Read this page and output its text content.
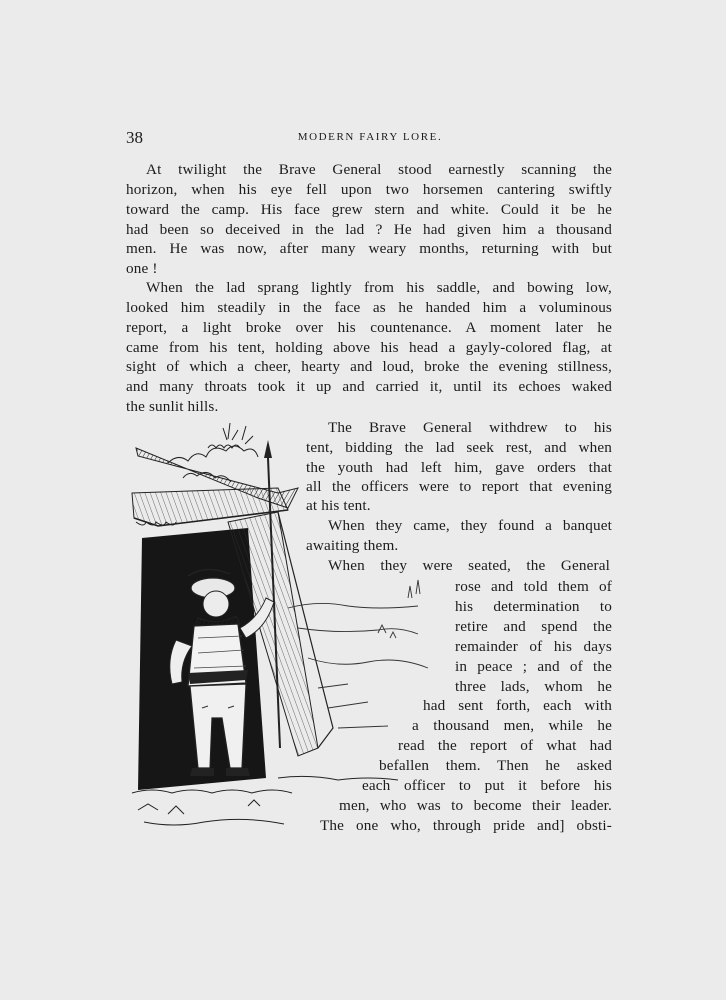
38	MODERN FAIRY LORE.
At twilight the Brave General stood earnestly scanning the
horizon, when his eye fell upon two horsemen cantering swiftly
toward the camp. His face grew stern and white. Could it be he
had been so deceived in the lad ? He had given him a thousand
men. He was now, after many weary months, returning with but
one !
When the lad sprang lightly from his saddle, and bowing low,
looked him steadily in the face as he handed him a voluminous
report, a light broke over his countenance. A moment later he
came from his tent, holding above his head a gayly-colored flag, at
sight of which a cheer, hearty and loud, broke the evening stillness,
and many throats took it up and carried it, until its echoes waked
the sunlit hills.
The Brave General withdrew to his
tent, bidding the lad seek rest, and when
the youth had left him, gave orders that
all the officers were to report that evening
at his tent.
When they came, they found a banquet
awaiting them.
When they were seated, the General
rose and told them of
his determination to
retire and spend the
remainder of his days
in peace ; and of the
three lads, whom he
had sent forth, each with
a thousand men, while he
read the report of what had
befallen them. Then he asked
each officer to put it before his
men, who was to become their leader.
The one who, through pride and] obsti-
